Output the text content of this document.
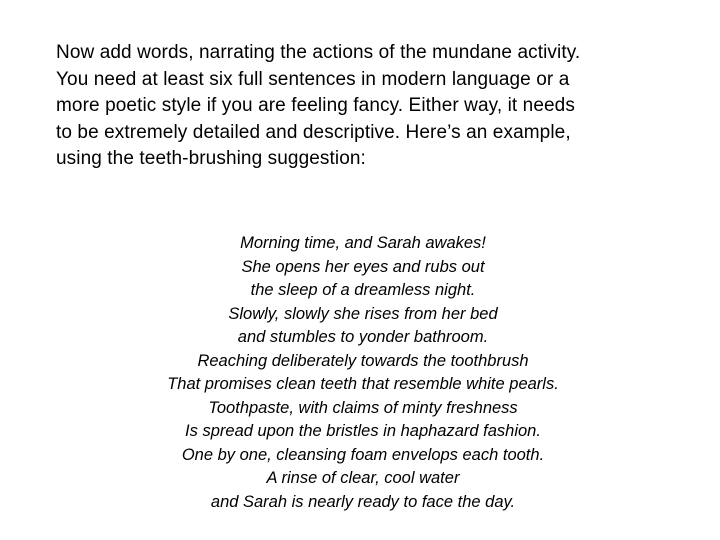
Now add words, narrating the actions of the mundane activity.
You need at least six full sentences in modern language or a
more poetic style if you are feeling fancy. Either way, it needs
to be extremely detailed and descriptive. Here’s an example,
using the teeth-brushing suggestion:

Morning time, and Sarah awakes!
She opens her eyes and rubs out
the sleep of a dreamless night.
Slowly, slowly she rises from her bed
and stumbles to yonder bathroom.
Reaching deliberately towards the toothbrush
That promises clean teeth that resemble white pearls.
Toothpaste, with claims of minty freshness
Is spread upon the bristles in haphazard fashion.
One by one, cleansing foam envelops each tooth.
A rinse of clear, cool water
and Sarah is nearly ready to face the day.
